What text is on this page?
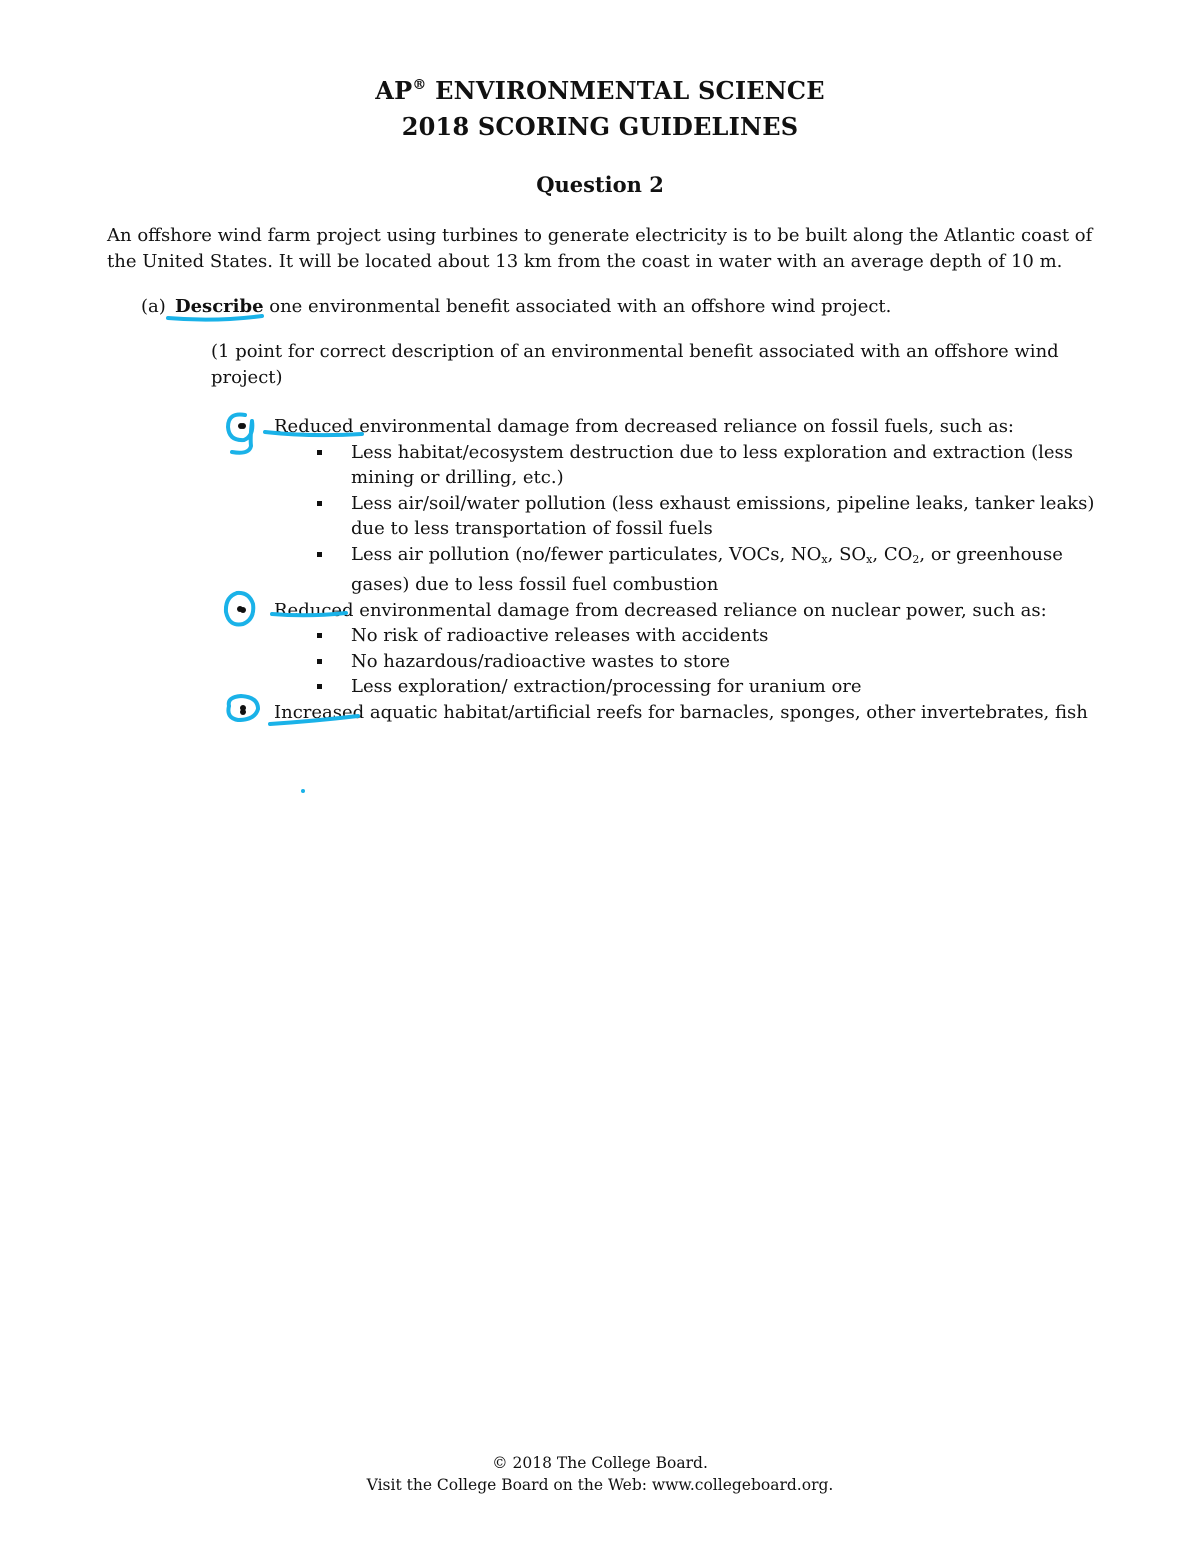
AP® ENVIRONMENTAL SCIENCE
2018 SCORING GUIDELINES
Question 2
An offshore wind farm project using turbines to generate electricity is to be built along the Atlantic coast of the United States. It will be located about 13 km from the coast in water with an average depth of 10 m.
(a) Describe one environmental benefit associated with an offshore wind project.
(1 point for correct description of an environmental benefit associated with an offshore wind project)
Reduced environmental damage from decreased reliance on fossil fuels, such as:
Less habitat/ecosystem destruction due to less exploration and extraction (less mining or drilling, etc.)
Less air/soil/water pollution (less exhaust emissions, pipeline leaks, tanker leaks) due to less transportation of fossil fuels
Less air pollution (no/fewer particulates, VOCs, NOx, SOx, CO2, or greenhouse gases) due to less fossil fuel combustion
Reduced environmental damage from decreased reliance on nuclear power, such as:
No risk of radioactive releases with accidents
No hazardous/radioactive wastes to store
Less exploration/ extraction/processing for uranium ore
Increased aquatic habitat/artificial reefs for barnacles, sponges, other invertebrates, fish
© 2018 The College Board.
Visit the College Board on the Web: www.collegeboard.org.
